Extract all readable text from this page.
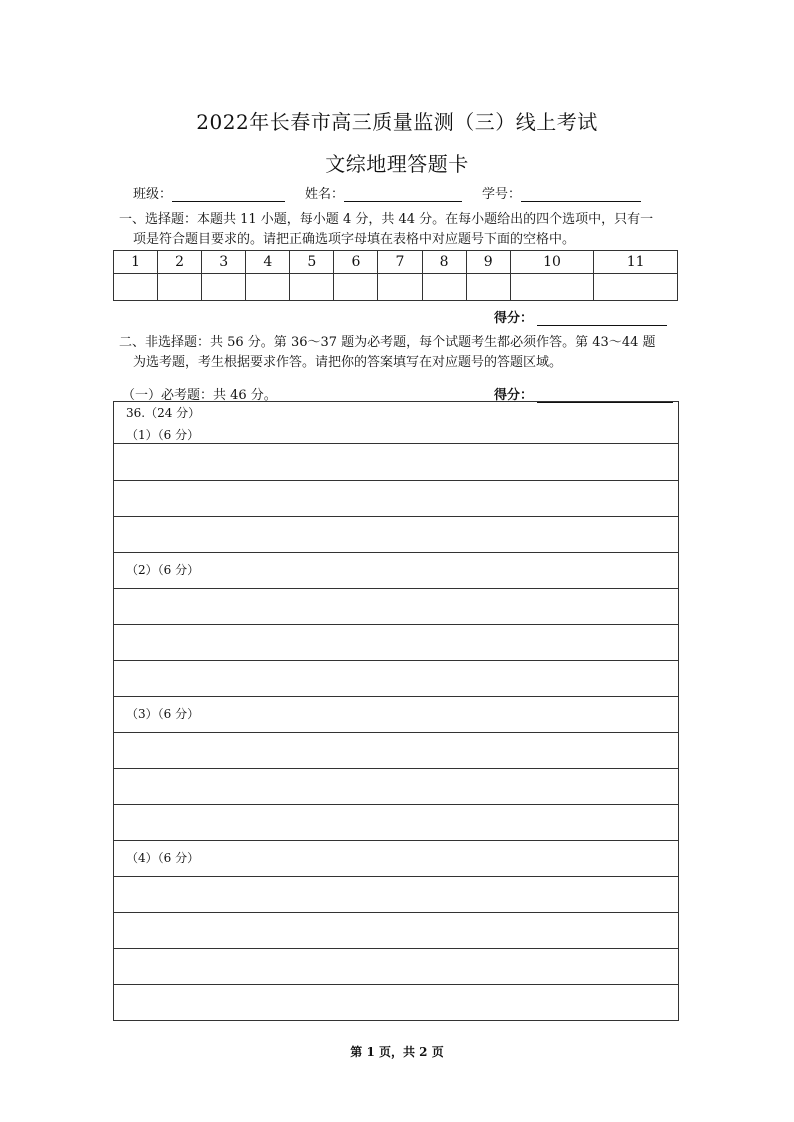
2022年长春市高三质量监测（三）线上考试
文综地理答题卡
班级：	姓名：	学号：
一、选择题：本题共 11 小题，每小题 4 分，共 44 分。在每小题给出的四个选项中，只有一
项是符合题目要求的。请把正确选项字母填在表格中对应题号下面的空格中。
1	2	3	4	5	6	7	8	9	10	11

得分：
二、非选择题：共 56 分。第 36～37 题为必考题，每个试题考生都必须作答。第 43～44 题
为选考题，考生根据要求作答。请把你的答案填写在对应题号的答题区域。
（一）必考题：共 46 分。	得分：
36.（24 分）
（1）（6 分）
（2）（6 分）
（3）（6 分）
（4）（6 分）
第 1 页，共 2 页
